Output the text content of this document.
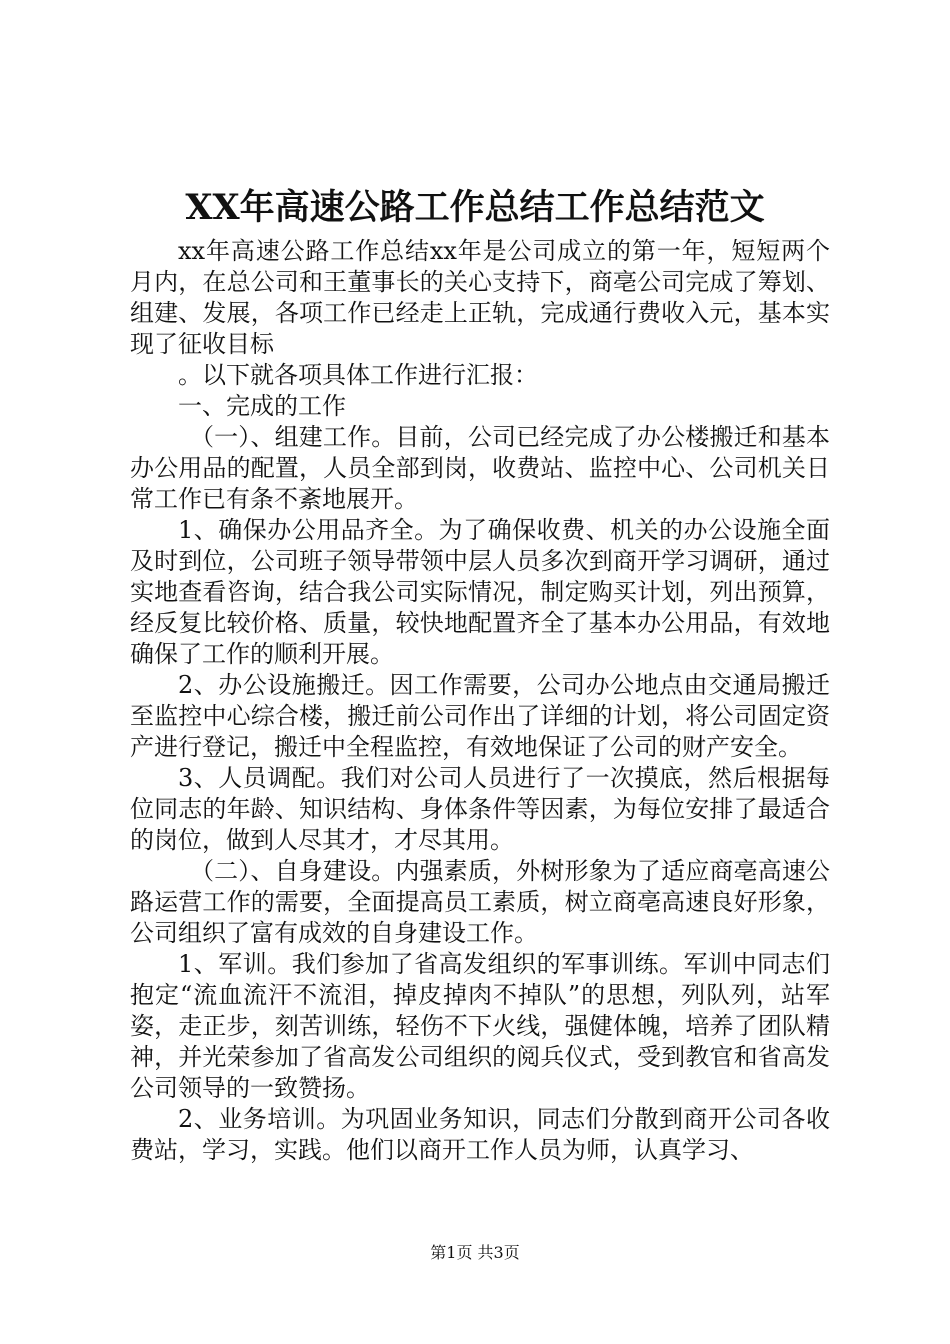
XX年高速公路工作总结工作总结范文

xx年高速公路工作总结xx年是公司成立的第一年，短短两个月内，在总公司和王董事长的关心支持下，商亳公司完成了筹划、组建、发展，各项工作已经走上正轨，完成通行费收入元，基本实现了征收目标

。以下就各项具体工作进行汇报：

一、完成的工作

（一）、组建工作。目前，公司已经完成了办公楼搬迁和基本办公用品的配置，人员全部到岗，收费站、监控中心、公司机关日常工作已有条不紊地展开。

1、确保办公用品齐全。为了确保收费、机关的办公设施全面及时到位，公司班子领导带领中层人员多次到商开学习调研，通过实地查看咨询，结合我公司实际情况，制定购买计划，列出预算，经反复比较价格、质量，较快地配置齐全了基本办公用品，有效地确保了工作的顺利开展。

2、办公设施搬迁。因工作需要，公司办公地点由交通局搬迁至监控中心综合楼，搬迁前公司作出了详细的计划，将公司固定资产进行登记，搬迁中全程监控，有效地保证了公司的财产安全。

3、人员调配。我们对公司人员进行了一次摸底，然后根据每位同志的年龄、知识结构、身体条件等因素，为每位安排了最适合的岗位，做到人尽其才，才尽其用。

（二）、自身建设。内强素质，外树形象为了适应商亳高速公路运营工作的需要，全面提高员工素质，树立商亳高速良好形象，公司组织了富有成效的自身建设工作。

1、军训。我们参加了省高发组织的军事训练。军训中同志们抱定“流血流汗不流泪，掉皮掉肉不掉队”的思想，列队列，站军姿，走正步，刻苦训练，轻伤不下火线，强健体魄，培养了团队精神，并光荣参加了省高发公司组织的阅兵仪式，受到教官和省高发公司领导的一致赞扬。

2、业务培训。为巩固业务知识，同志们分散到商开公司各收费站，学习，实践。他们以商开工作人员为师，认真学习、

第1页 共3页
